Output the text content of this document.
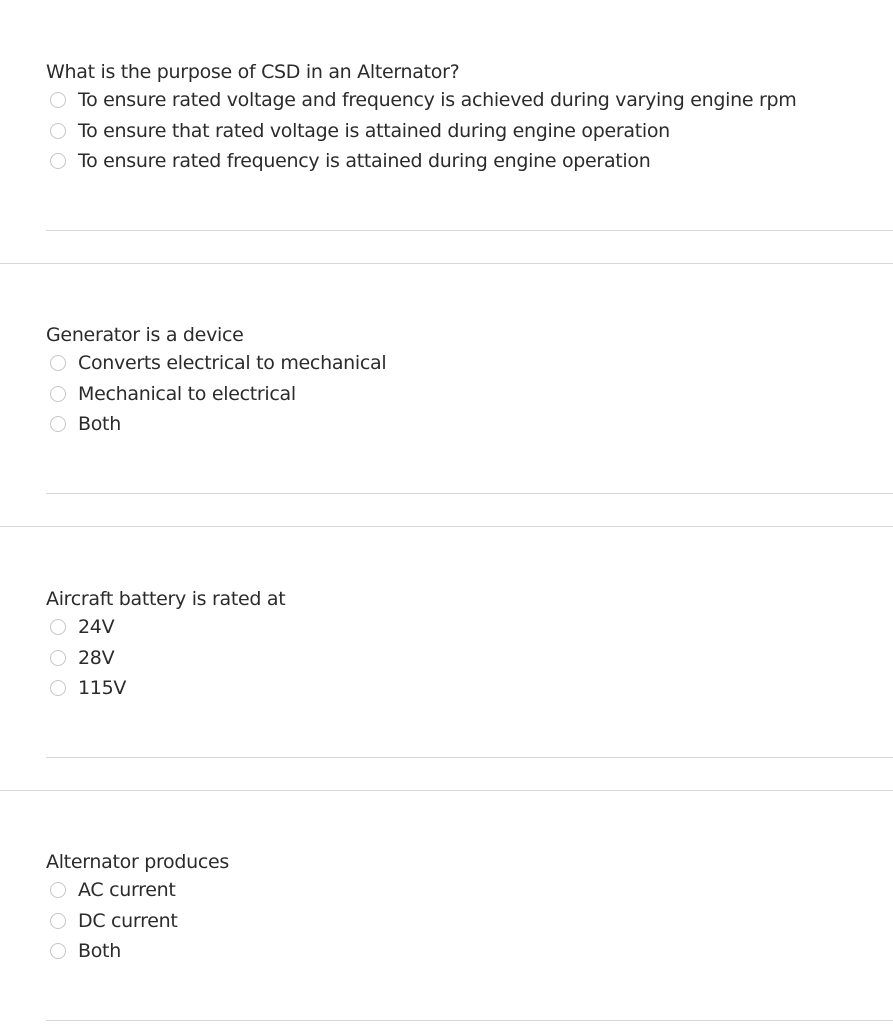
What is the purpose of CSD in an Alternator?
To ensure rated voltage and frequency is achieved during varying engine rpm
To ensure that rated voltage is attained during engine operation
To ensure rated frequency is attained during engine operation
Generator is a device
Converts electrical to mechanical
Mechanical to electrical
Both
Aircraft battery is rated at
24V
28V
115V
Alternator produces
AC current
DC current
Both
